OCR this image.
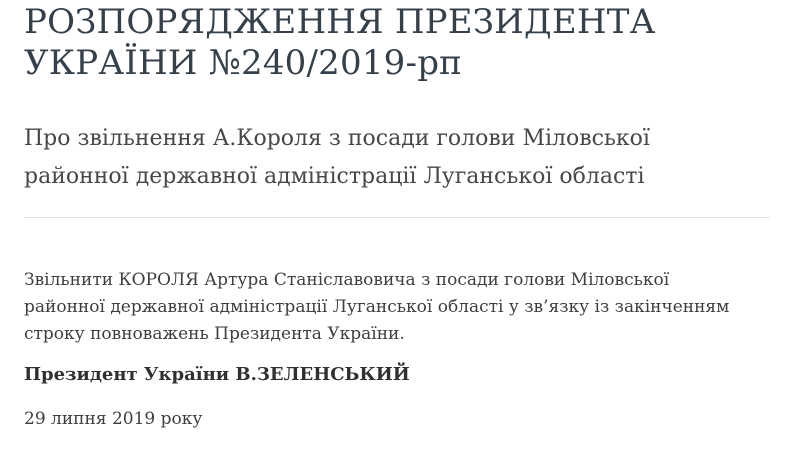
РОЗПОРЯДЖЕННЯ ПРЕЗИДЕНТА УКРАЇНИ №240/2019-рп
Про звільнення А.Короля з посади голови Міловської районної державної адміністрації Луганської області

Звільнити КОРОЛЯ Артура Станіславовича з посади голови Міловської районної державної адміністрації Луганської області у зв’язку із закінченням строку повноважень Президента України.

Президент України В.ЗЕЛЕНСЬКИЙ

29 липня 2019 року
